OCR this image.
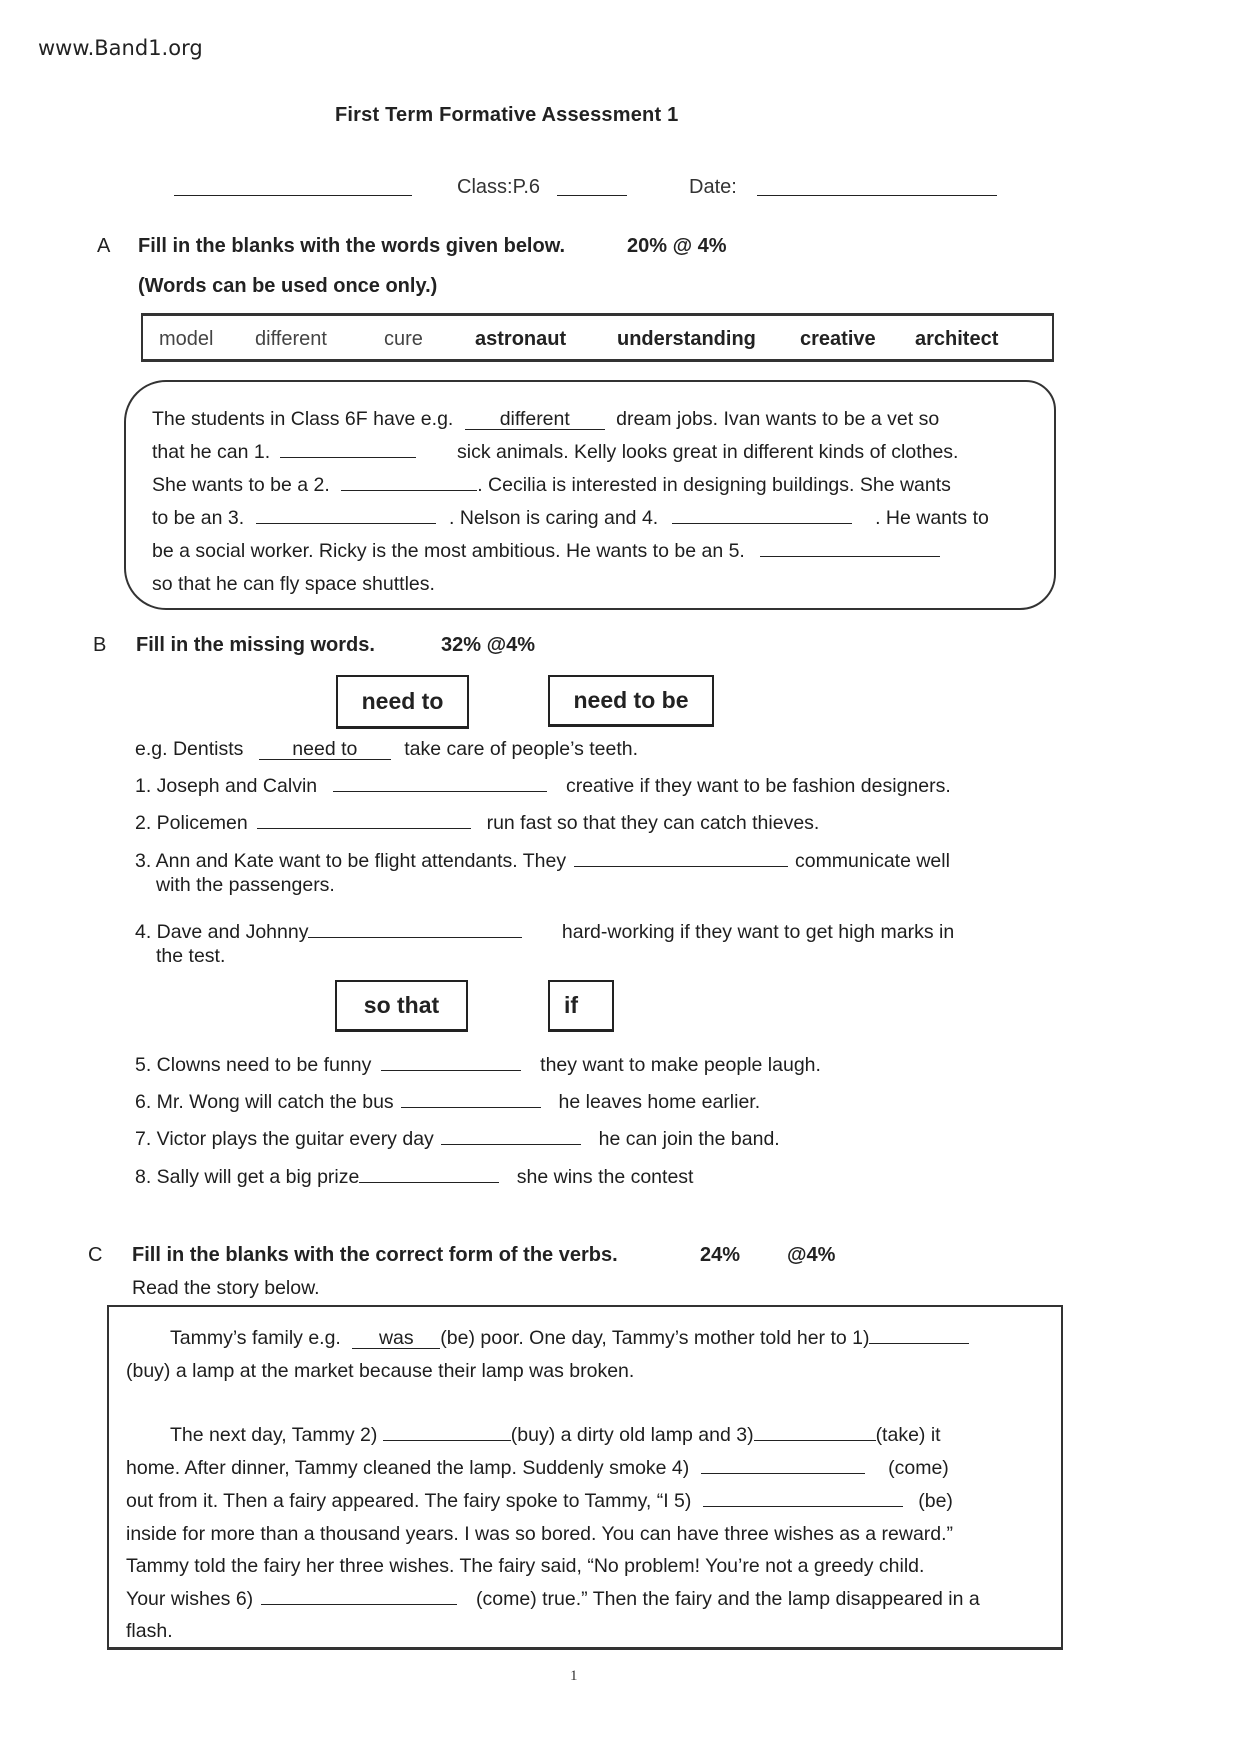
www.Band1.org
First Term Formative Assessment 1
Class:P.6	Date:
A Fill in the blanks with the words given below.	20% @ 4%
(Words can be used once only.)
model different	cure	astronaut	understanding creative architect
The students in Class 6F have e.g. different dream jobs. Ivan wants to be a vet so
that he can 1.	sick animals. Kelly looks great in different kinds of clothes.
She wants to be a 2.	. Cecilia is interested in designing buildings. She wants
to be an 3.	. Nelson is caring and 4.	. He wants to
be a social worker. Ricky is the most ambitious. He wants to be an 5.
so that he can fly space shuttles.
B Fill in the missing words.	32% @4%
need to	need to be
e.g. Dentists	need to take care of people’s teeth.
1. Joseph and Calvin	creative if they want to be fashion designers.
2. Policemen	run fast so that they can catch thieves.
3. Ann and Kate want to be flight attendants. They	communicate well
with the passengers.
4. Dave and Johnny	hard-working if they want to get high marks in
the test.
so that	if
5. Clowns need to be funny	they want to make people laugh.
6. Mr. Wong will catch the bus	he leaves home earlier.
7. Victor plays the guitar every day	he can join the band.
8. Sally will get a big prize	she wins the contest
C Fill in the blanks with the correct form of the verbs.	24% @4%
Read the story below.
Tammy’s family e.g. was (be) poor. One day, Tammy’s mother told her to 1)
(buy) a lamp at the market because their lamp was broken.
The next day, Tammy 2)	(buy) a dirty old lamp and 3)	(take) it
home. After dinner, Tammy cleaned the lamp. Suddenly smoke 4)	(come)
out from it. Then a fairy appeared. The fairy spoke to Tammy, “I 5)	(be)
inside for more than a thousand years. I was so bored. You can have three wishes as a reward.”
Tammy told the fairy her three wishes. The fairy said, “No problem! You’re not a greedy child.
Your wishes 6)	(come) true.” Then the fairy and the lamp disappeared in a
flash.
1
